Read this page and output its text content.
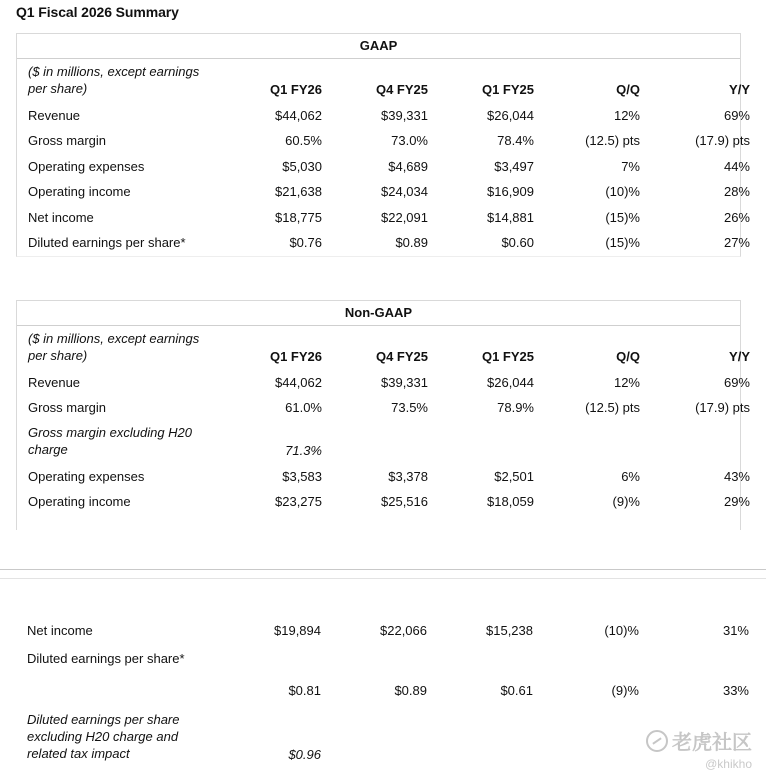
Q1 Fiscal 2026 Summary
GAAP
($ in millions, except earnings per share)	Q1 FY26	Q4 FY25	Q1 FY25	Q/Q	Y/Y
Revenue	$44,062	$39,331	$26,044	12%	69%
Gross margin	60.5%	73.0%	78.4%	(12.5) pts	(17.9) pts
Operating expenses	$5,030	$4,689	$3,497	7%	44%
Operating income	$21,638	$24,034	$16,909	(10)%	28%
Net income	$18,775	$22,091	$14,881	(15)%	26%
Diluted earnings per share*	$0.76	$0.89	$0.60	(15)%	27%
Non-GAAP
($ in millions, except earnings per share)	Q1 FY26	Q4 FY25	Q1 FY25	Q/Q	Y/Y
Revenue	$44,062	$39,331	$26,044	12%	69%
Gross margin	61.0%	73.5%	78.9%	(12.5) pts	(17.9) pts
Gross margin excluding H20 charge	71.3%				
Operating expenses	$3,583	$3,378	$2,501	6%	43%
Operating income	$23,275	$25,516	$18,059	(9)%	29%
Net income	$19,894	$22,066	$15,238	(10)%	31%
Diluted earnings per share*	$0.81	$0.89	$0.61	(9)%	33%
Diluted earnings per share excluding H20 charge and related tax impact	$0.96				
老虎社区
@khikho
